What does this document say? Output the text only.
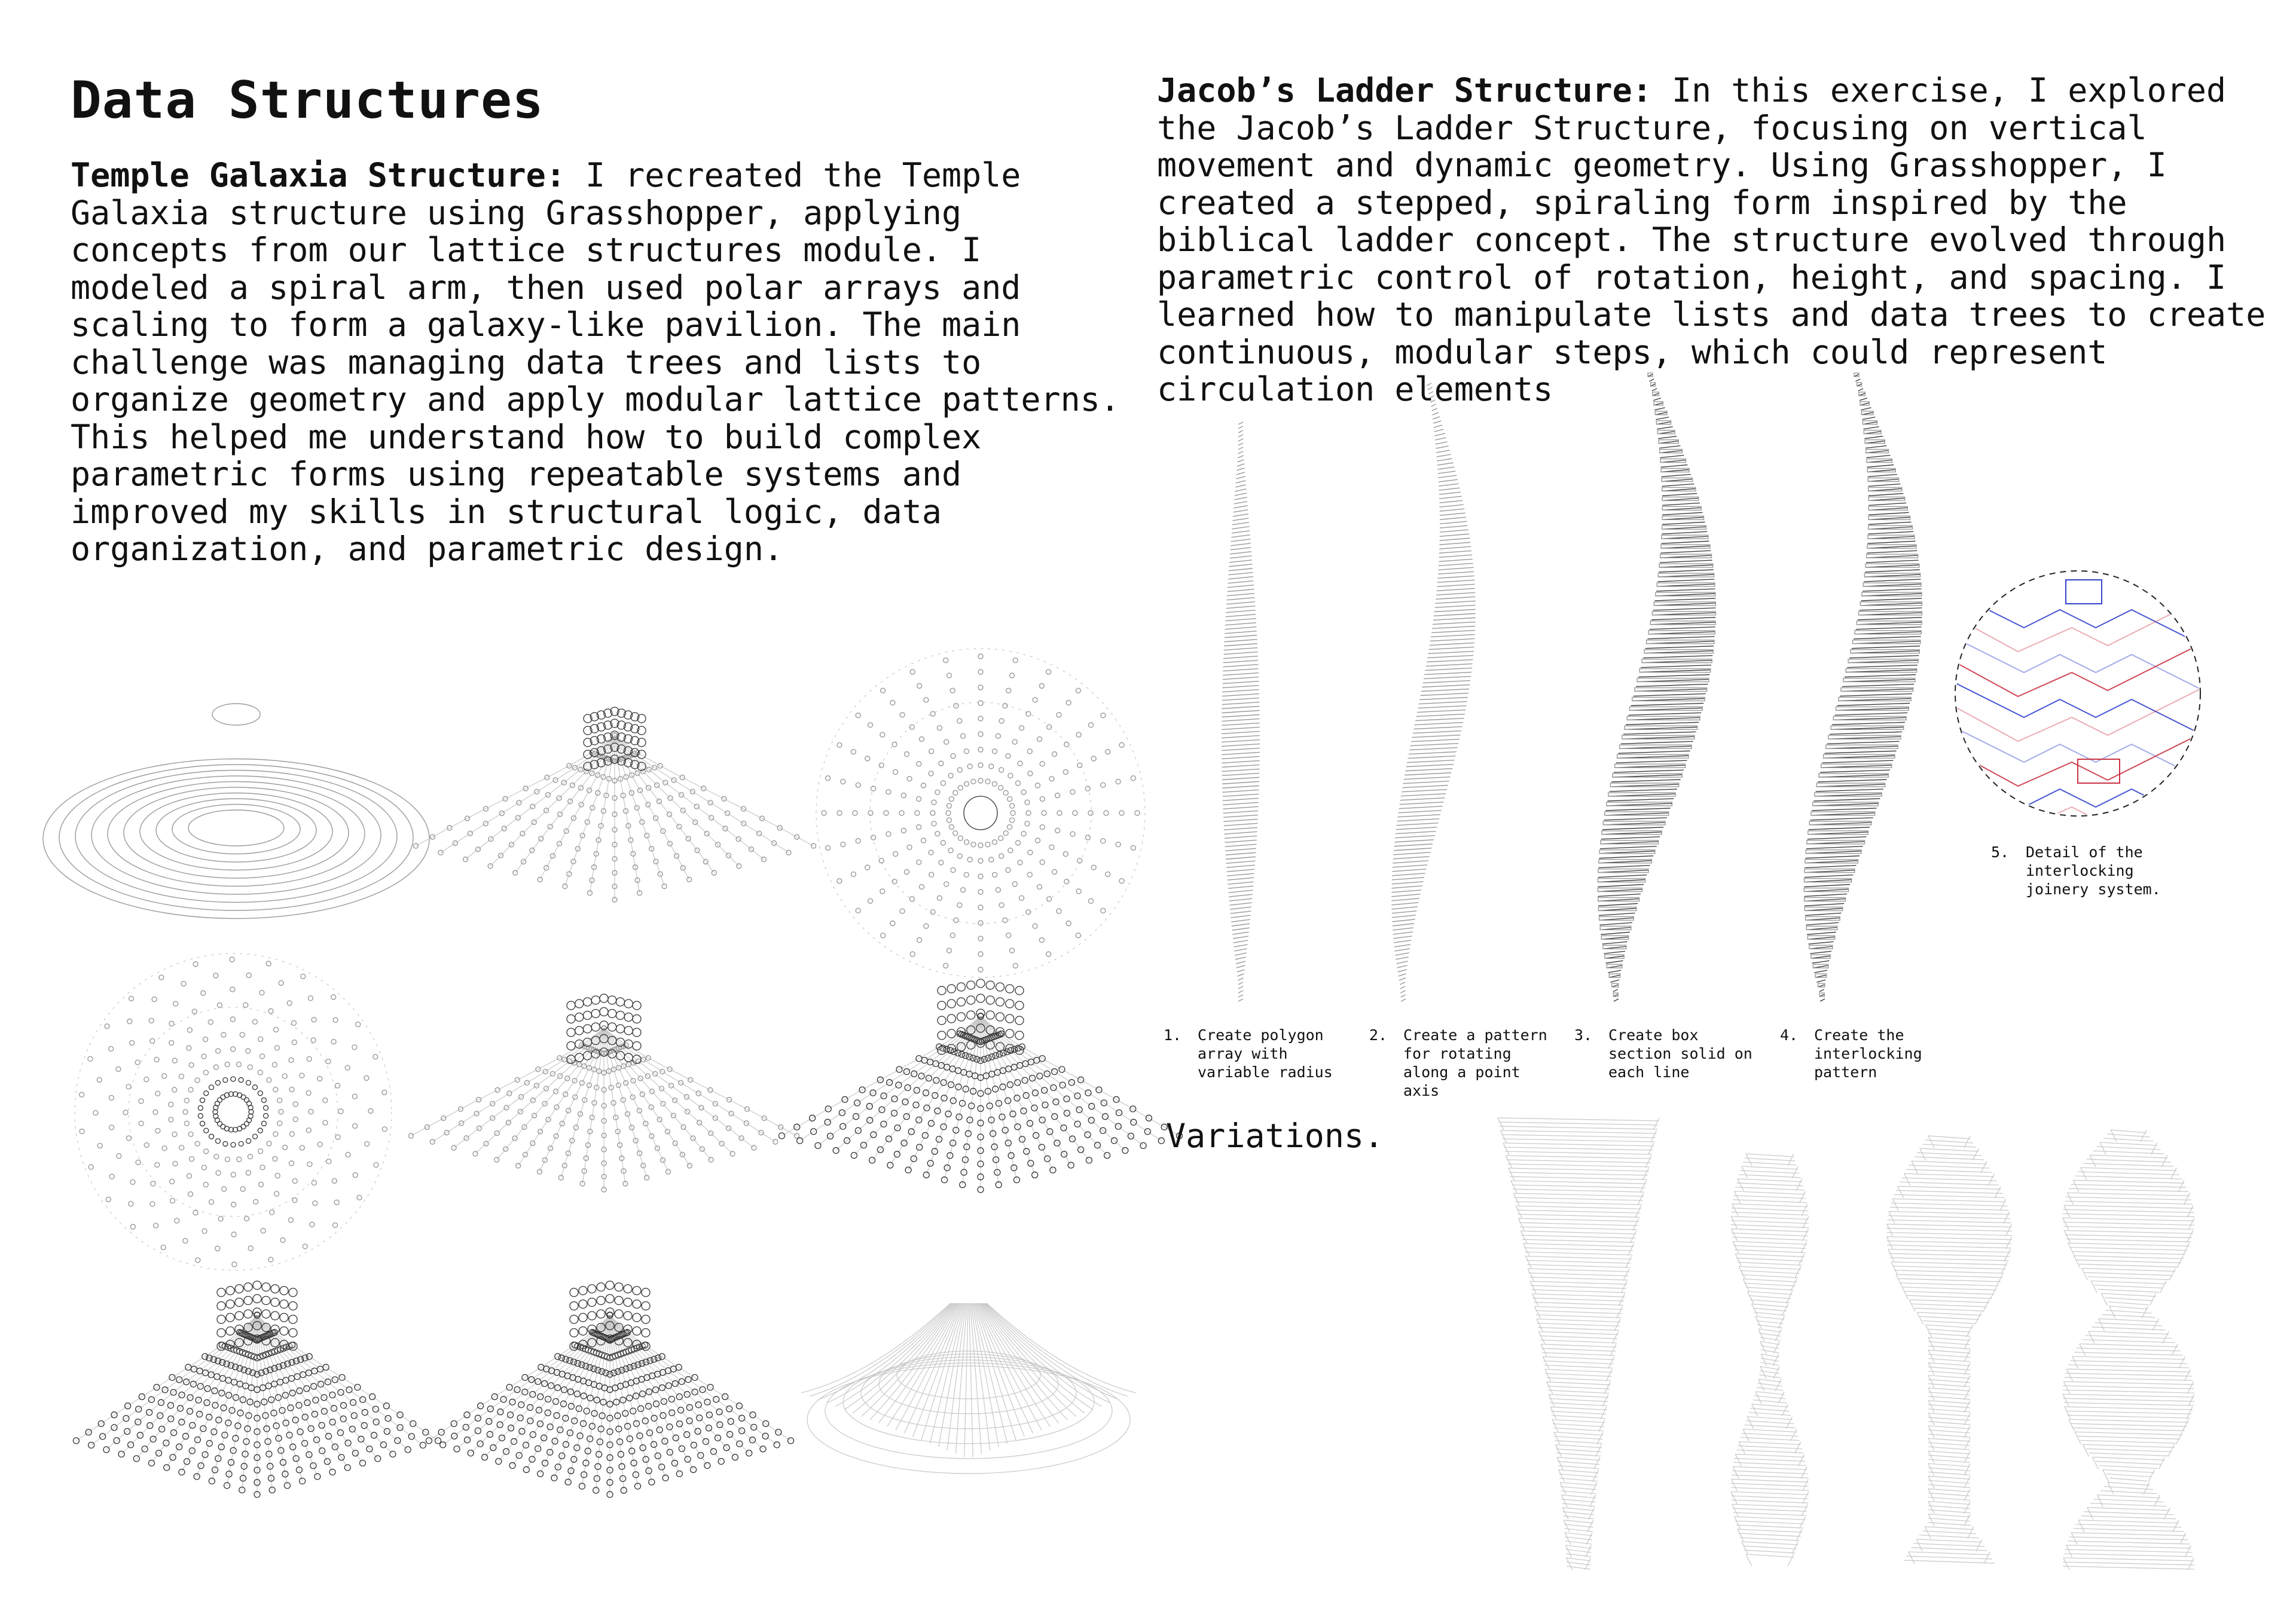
Data Structures

Temple Galaxia Structure: I recreated the Temple Galaxia structure using Grasshopper, applying concepts from our lattice structures module. I modeled a spiral arm, then used polar arrays and scaling to form a galaxy-like pavilion. The main challenge was managing data trees and lists to organize geometry and apply modular lattice patterns. This helped me understand how to build complex parametric forms using repeatable systems and improved my skills in structural logic, data organization, and parametric design.

Jacob’s Ladder Structure: In this exercise, I explored the Jacob’s Ladder Structure, focusing on vertical movement and dynamic geometry. Using Grasshopper, I created a stepped, spiraling form inspired by the biblical ladder concept. The structure evolved through parametric control of rotation, height, and spacing. I learned how to manipulate lists and data trees to create continuous, modular steps, which could represent circulation elements

1. Create polygon
array with
variable radius
2. Create a pattern
for rotating
along a point
axis
3. Create box
section solid on
each line
4. Create the
interlocking
pattern
5. Detail of the
interlocking
joinery system.
Variations.
